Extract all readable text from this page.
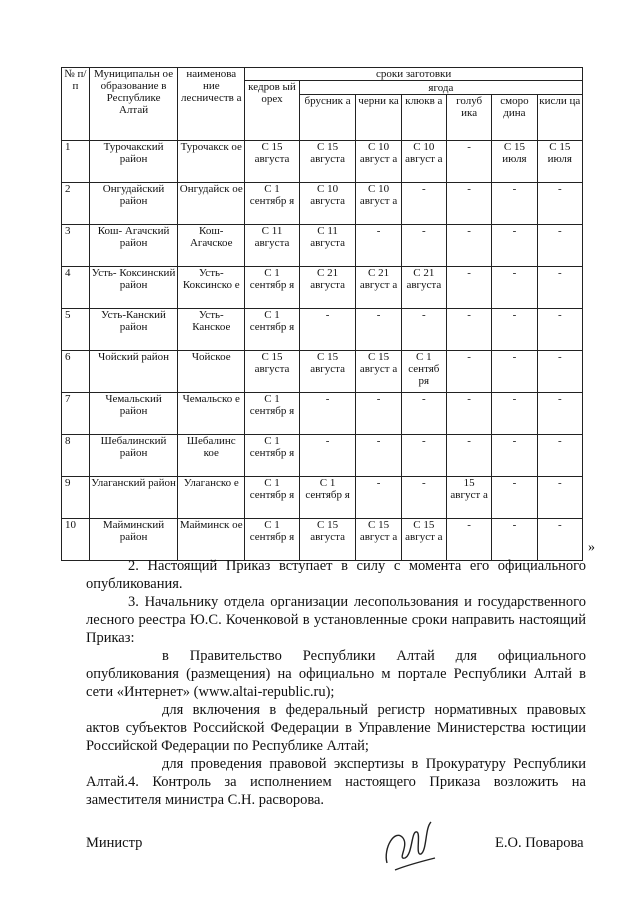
№ п/п	Муниципальн ое образование в Республике Алтай	наименова ние лесничеств а	сроки заготовки						
			кедров ый орех	ягода					
				брусник а	черни ка	клюкв а	голуб ика	сморо дина	кисли ца
1	Турочакский район	Турочакск ое	С 15 августа	С 15 августа	С 10 август а	С 10 август а	-	С 15 июля	С 15 июля
2	Онгудайский район	Онгудайск ое	С 1 сентябр я	С 10 августа	С 10 август а	-	-	-	-
3	Кош- Агачский район	Кош- Агачское	С 11 августа	С 11 августа	-	-	-	-	-
4	Усть- Коксинский район	Усть- Коксинско е	С 1 сентябр я	С 21 августа	С 21 август а	С 21 августа	-	-	-
5	Усть-Канский район	Усть- Канское	С 1 сентябр я	-	-	-	-	-	-
6	Чойский район	Чойское	С 15 августа	С 15 августа	С 15 август а	С 1 сентяб ря	-	-	-
7	Чемальский район	Чемальско е	С 1 сентябр я	-	-	-	-	-	-
8	Шебалинский район	Шебалинс кое	С 1 сентябр я	-	-	-	-	-	-
9	Улаганский район	Улаганско е	С 1 сентябр я	С 1 сентябр я	-	-	15 август а	-	-
10	Майминский район	Майминск ое	С 1 сентябр я	С 15 августа	С 15 август а	С 15 август а	-	-	-
»
2. Настоящий Приказ вступает в силу с момента его официального опубликования.
3. Начальнику отдела организации лесопользования и государственного лесного реестра Ю.С. Коченковой в установленные сроки направить настоящий Приказ:
в Правительство Республики Алтай для официального опубликования (размещения) на официально м портале Республики Алтай в сети «Интернет» (www.altai-republic.ru);
для включения в федеральный регистр нормативных правовых актов субъектов Российской Федерации в Управление Министерства юстиции Российской Федерации по Республике Алтай;
для проведения правовой экспертизы в Прокуратуру Республики Алтай. 4. Контроль за исполнением настоящего Приказа возложить на заместителя министра С.Н. расворова.
Министр	Е.О. Поварова
